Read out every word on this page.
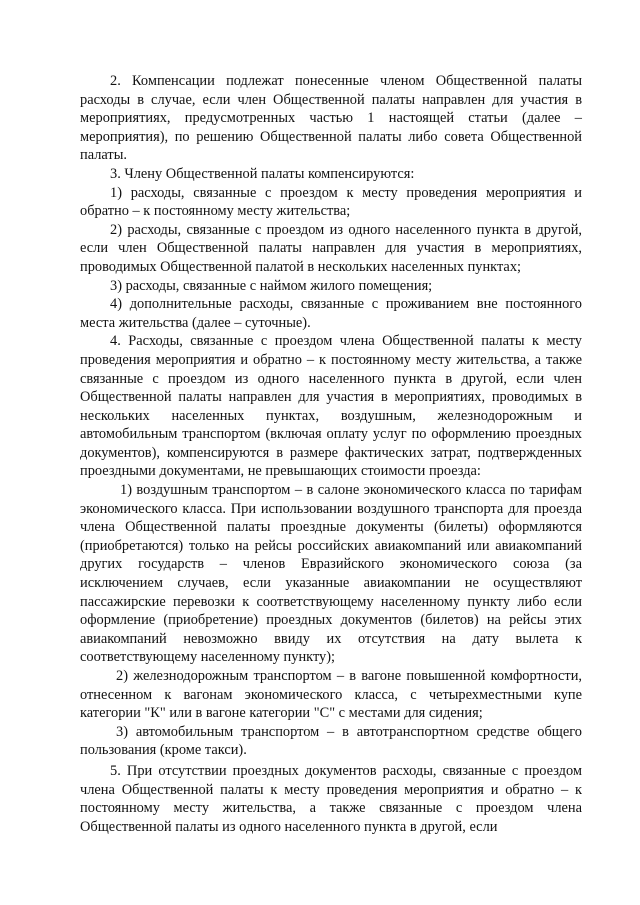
2. Компенсации подлежат понесенные членом Общественной палаты расходы в случае, если член Общественной палаты направлен для участия в мероприятиях, предусмотренных частью 1 настоящей статьи (далее – мероприятия), по решению Общественной палаты либо совета Общественной палаты.

3. Члену Общественной палаты компенсируются:

1) расходы, связанные с проездом к месту проведения мероприятия и обратно – к постоянному месту жительства;

2) расходы, связанные с проездом из одного населенного пункта в другой, если член Общественной палаты направлен для участия в мероприятиях, проводимых Общественной палатой в нескольких населенных пунктах;

3) расходы, связанные с наймом жилого помещения;

4) дополнительные расходы, связанные с проживанием вне постоянного места жительства (далее – суточные).

4. Расходы, связанные с проездом члена Общественной палаты к месту проведения мероприятия и обратно – к постоянному месту жительства, а также связанные с проездом из одного населенного пункта в другой, если член Общественной палаты направлен для участия в мероприятиях, проводимых в нескольких населенных пунктах, воздушным, железнодорожным и автомобильным транспортом (включая оплату услуг по оформлению проездных документов), компенсируются в размере фактических затрат, подтвержденных проездными документами, не превышающих стоимости проезда:

1) воздушным транспортом – в салоне экономического класса по тарифам экономического класса. При использовании воздушного транспорта для проезда члена Общественной палаты проездные документы (билеты) оформляются (приобретаются) только на рейсы российских авиакомпаний или авиакомпаний других государств – членов Евразийского экономического союза (за исключением случаев, если указанные авиакомпании не осуществляют пассажирские перевозки к соответствующему населенному пункту либо если оформление (приобретение) проездных документов (билетов) на рейсы этих авиакомпаний невозможно ввиду их отсутствия на дату вылета к соответствующему населенному пункту);

2) железнодорожным транспортом – в вагоне повышенной комфортности, отнесенном к вагонам экономического класса, с четырехместными купе категории "К" или в вагоне категории "С" с местами для сидения;

3) автомобильным транспортом – в автотранспортном средстве общего пользования (кроме такси).

5. При отсутствии проездных документов расходы, связанные с проездом члена Общественной палаты к месту проведения мероприятия и обратно – к постоянному месту жительства, а также связанные с проездом члена Общественной палаты из одного населенного пункта в другой, если
